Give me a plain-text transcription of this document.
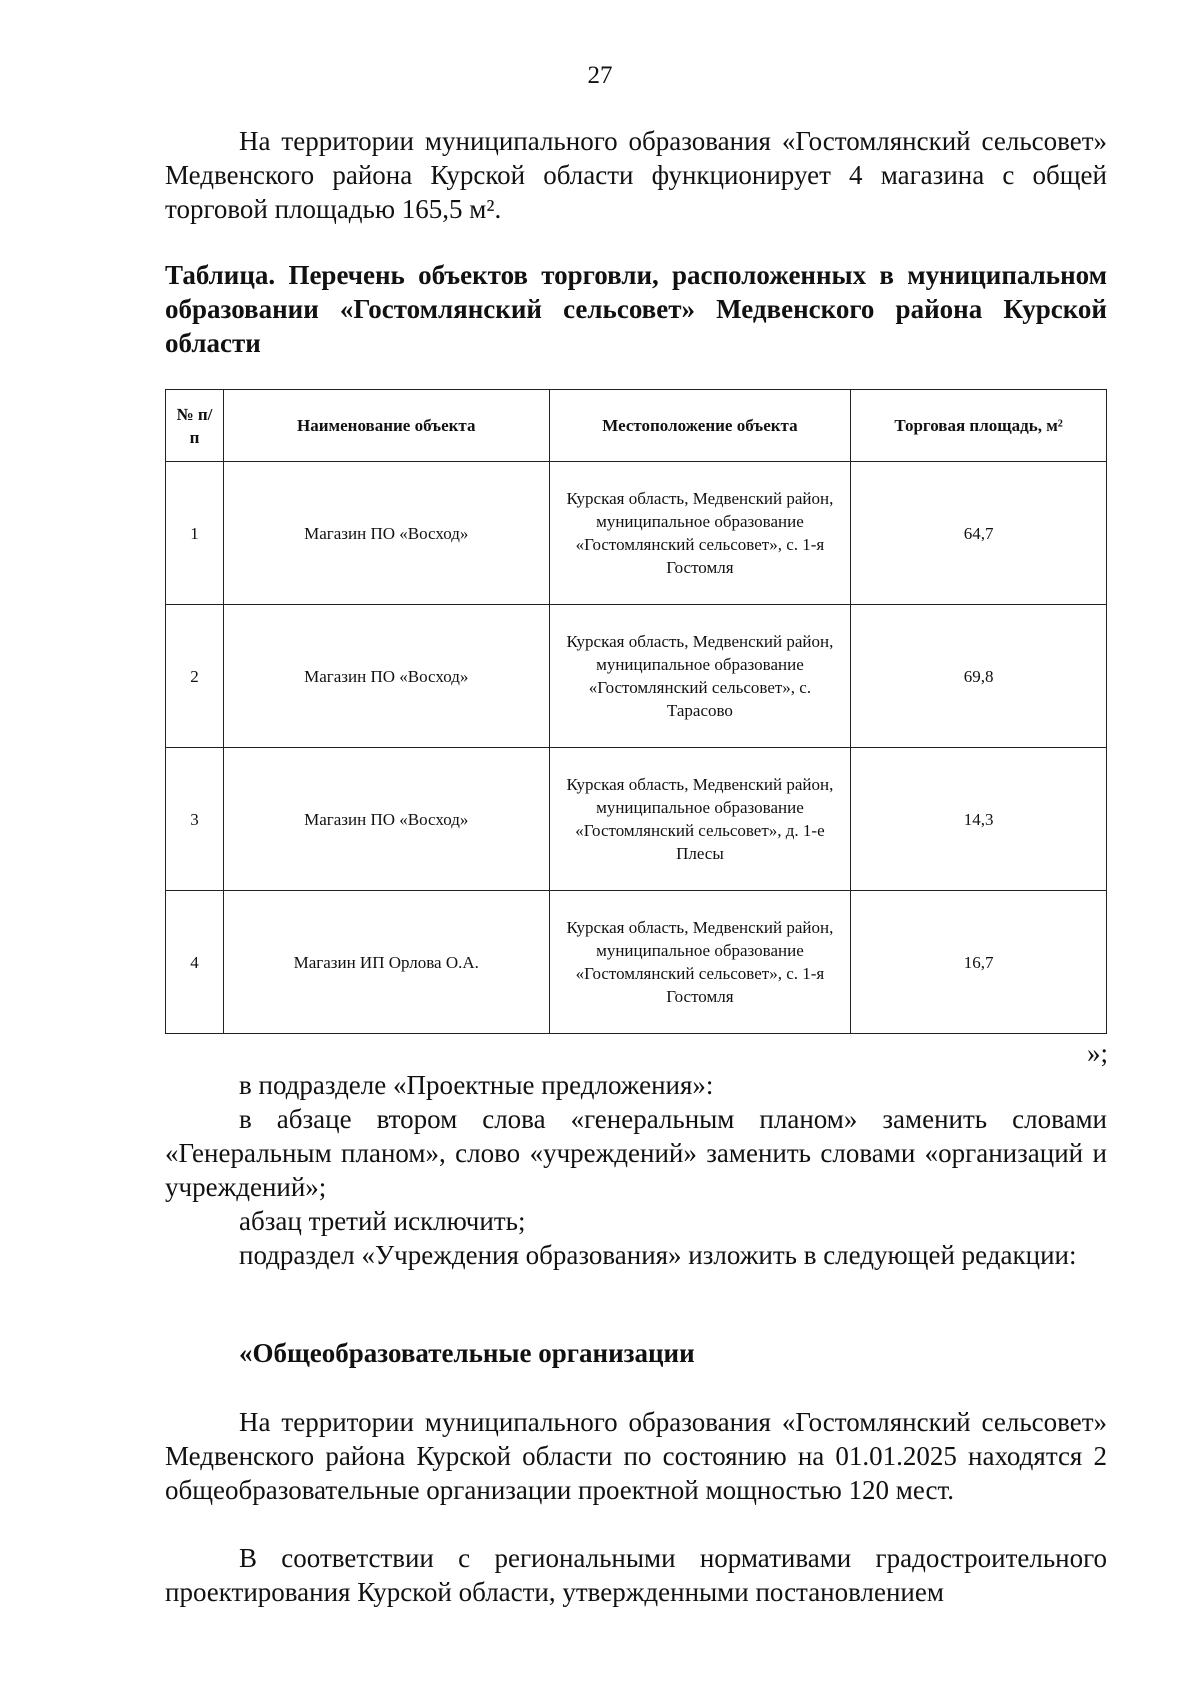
27
На территории муниципального образования «Гостомлянский сельсовет» Медвенского района Курской области функционирует 4 магазина с общей торговой площадью 165,5 м².
Таблица. Перечень объектов торговли, расположенных в муниципальном образовании «Гостомлянский сельсовет» Медвенского района Курской области
№ п/п	Наименование объекта	Местоположение объекта	Торговая площадь, м²
1	Магазин ПО «Восход»	Курская область, Медвенский район, муниципальное образование «Гостомлянский сельсовет», с. 1-я Гостомля	64,7
2	Магазин ПО «Восход»	Курская область, Медвенский район, муниципальное образование «Гостомлянский сельсовет», с. Тарасово	69,8
3	Магазин ПО «Восход»	Курская область, Медвенский район, муниципальное образование «Гостомлянский сельсовет», д. 1-е Плесы	14,3
4	Магазин ИП Орлова О.А.	Курская область, Медвенский район, муниципальное образование «Гостомлянский сельсовет», с. 1-я Гостомля	16,7
»;
в подразделе «Проектные предложения»:
в абзаце втором слова «генеральным планом» заменить словами «Генеральным планом», слово «учреждений» заменить словами «организаций и учреждений»;
абзац третий исключить;
подраздел «Учреждения образования» изложить в следующей редакции:
«Общеобразовательные организации
На территории муниципального образования «Гостомлянский сельсовет» Медвенского района Курской области по состоянию на 01.01.2025 находятся 2 общеобразовательные организации проектной мощностью 120 мест.
В соответствии с региональными нормативами градостроительного проектирования Курской области, утвержденными постановлением
